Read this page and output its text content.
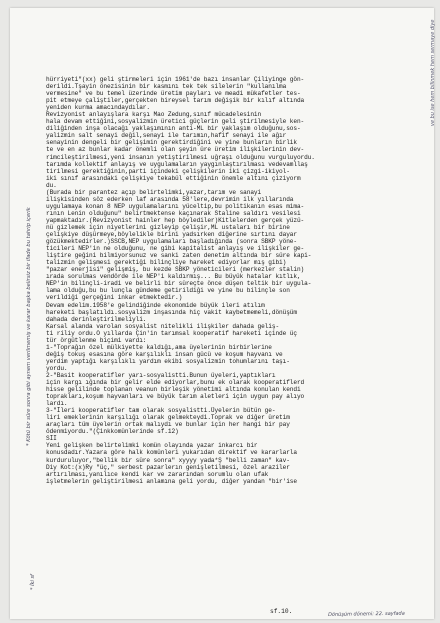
hürriyeti"(xx) geli ştirmeleri için 1961'de bazı insanlar Çiliyinge gön-

derildi.Tşayin önezisinin bir kasmını tek tek silelerin "kullanılma

vermesine" ve bu temel üzerinde üretim payları ve meadi mükafetler tes-

pit etmeye çaliştiler,gerçekten bireysel tarım değişik bir kılıf altında

yeniden kurma amacındaydılar.

Revizyonist anlayışlara karşı Mao Zedung,sınıf mücadelesinin

hala devam ettiğini,sosyalizmin üretici güçlerin geli ştirilmesiyle ken-

diliğinden inşa olacağı yaklaşımının anti-ML bir yaklaşım olduğunu,sos-

yalizmin salt senayi değil,senayi ile tarımın,hafif senayi ile ağır

senayinin dengeli bir gelişimin gerektirdiğini ve yine bunların birlik

te ve en az bunlar kadar önemli olan şeyin üre üretim ilişkilerinin dev-

rimcileştirilmesi,yeni insanın yetiştirilmesi uğraşı olduğunu vurguluyordu.

tarımda kollektif anlayış ve uygulamaların yaygınlaştırılması vedevamllaş

tirilmesi gerektiğinin,parti içindeki çelişkilerin iki çizgi-ikiyol-

iki sınıf arasındaki çelişkiye tekabül ettiğinin önemle altını çiziyorm

du.

(Burada bir parantez açıp belirtelimki,yazar,tarım ve sanayi

ilişkisinden söz ederken laf arasında 58'lere,devrimin ilk yıllarında

uygulamaya konan 8 NEP uygulamalarını yüceltip,bu politikanın esas mima-

rının Lenin olduğunu" belirtmektense kaçınarak Staline saldırı vesilesi

yapmaktadır.(Revizyonist hainler hep böylediler)Kitlelerden gerçek yüzü-

nü gizlemek için niyetlerini gizleyip çelişir,ML ustaları bir birine

çelişkiye düşürmeye,böylelikle birini yadsırken diğerine sırtını dayar

gözükmektedirler.)SSCB,NEP uygulamaları başladığında (sonra SBKP yöne-

ticileri NEP'in ne olduğunu, ne gibi kapitalist anlayış ve ilişkiler ge-

liştire geğini bilmiyorsunuz ve sanki zaten denetim altında bir süre kapi-

talizmin gelişmesi gerektiği bilinçliye hareket ediyorlar mış gibi)

"pazar enerjisi" gelişmiş, bu kezde SBKP yöneticileri (merkezler stalin)

ırada sorulmas vendörde ile NEP'i kaldırmış... Bu büyük hatalar kıtlık,

NEP'in bilinçli-iradi ve belirli bir süreçte önce düşen teltik bir uygula-

lama olduğu,bu bu lunçla gündeme getirildiği ve yine bu bilinçle son

verildiği gerçeğini inkar etmektedir.)

Devam edelim.1958'e gelindiğinde ekonomide büyük ileri atılım

hareketi başlatıldı.sosyalizm inşasında hiç vakit kaybetmemeli,dönüşüm

dahada derinleştirilmeliyli.

Karsal alanda varolan sosyalist nitelikli ilişkiler dahada geliş-

ti riliy ordu.O yıllarda Çin'in tarımsal kooperatif hareketi içinde üç

tür örgütlenme biçimi vardı:

1-"Toprağın özel mülkiyette kaldığı,ama üyelerinin birbirlerine

değiş tokuş esasına göre karşılıklı insan gücü ve koşum hayvanı ve

yerdim yaptığı karşılıklı yardım ekibi sosyalizmin tohumlarını taşı-

yordu.

2-"Basit kooperatifler yarı-sosyalistti.Bunun üyeleri,yaptıkları

için kargı ığında bir gelir elde ediyorlar,bunu ek olarak kooperatiflerd

hisse gelilinde toplanan veanun birleşik yönetimi altında konulan kendi

toprakları,koşum hayvanları ve büyük tarım aletleri için uygun pay alıyo

lardı.

3-"İleri kooperatifler tam olarak sosyalistti.Üyelerin bütün ge-

liri emeklerinin karşılığı olarak gelmekteydi.Toprak ve diğer üretim

araçları tüm üyelerin ortak malıydı ve bunlar için her hangi bir pay

ödenmiyordu."(Çinkkomünlerinde sf.12)

Sİİ

Yeni gelişken belirtelimki komün olayında yazar inkarcı bir

konusdadır.Yazara göre halk komünleri yukarıdan direktif ve kararlarla

kurduruluyor,"bellik bir süre sonra" xyyyy yada*Ş "belli zaman" kav-

Diy Kot:(x)Ry "üç," serbest pazarlerın genişletilmesi, özel araziler

artırılması,yanılıce kendi kar ve zararından sorumlu olan ufak

işletmelerin geliştirilmesi anlamına geli yordu, diğer yandan "bir'ise

* Kötü bir süre sonra gibi aynem verilmemiş ve karar başka belirsiz bir ifade bu tahrip içerik
ve bu ise hem bilinmek hem sermaye diye
* İki sf
Dönüşüm dönemi: 22. sayfada
sf.10.
